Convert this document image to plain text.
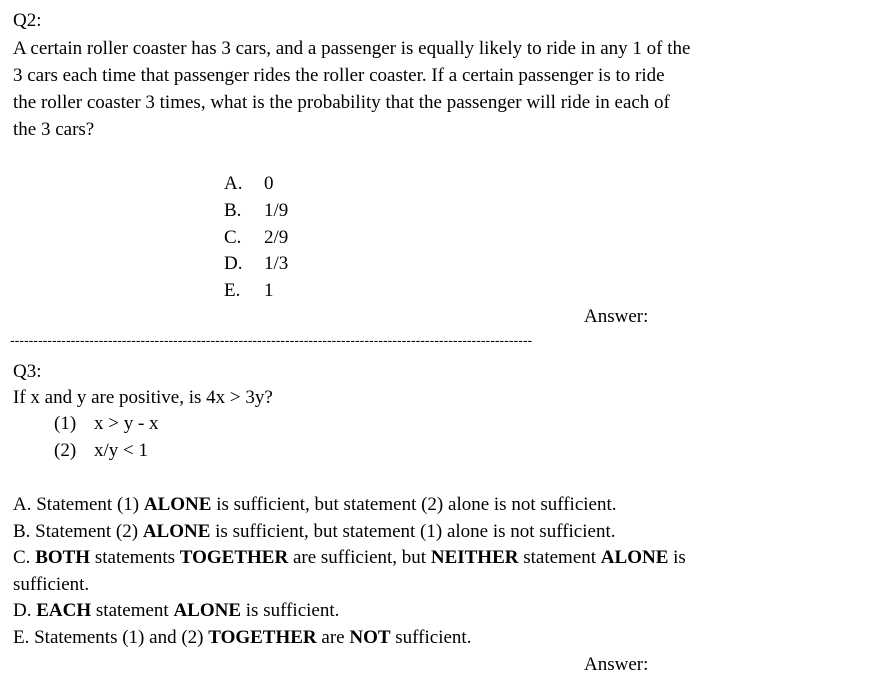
Q2:
A certain roller coaster has 3 cars, and a passenger is equally likely to ride in any 1 of the
3 cars each time that passenger rides the roller coaster. If a certain passenger is to ride
the roller coaster 3 times, what is the probability that the passenger will ride in each of
the 3 cars?
A. 0
B. 1/9
C. 2/9
D. 1/3
E. 1
Answer:
----------------------------------------------------------------------------------------------------------------
Q3:
If x and y are positive, is 4x > 3y?
(1) x > y - x
(2) x/y < 1
A. Statement (1) ALONE is sufficient, but statement (2) alone is not sufficient.
B. Statement (2) ALONE is sufficient, but statement (1) alone is not sufficient.
C. BOTH statements TOGETHER are sufficient, but NEITHER statement ALONE is
sufficient.
D. EACH statement ALONE is sufficient.
E. Statements (1) and (2) TOGETHER are NOT sufficient.
Answer:
